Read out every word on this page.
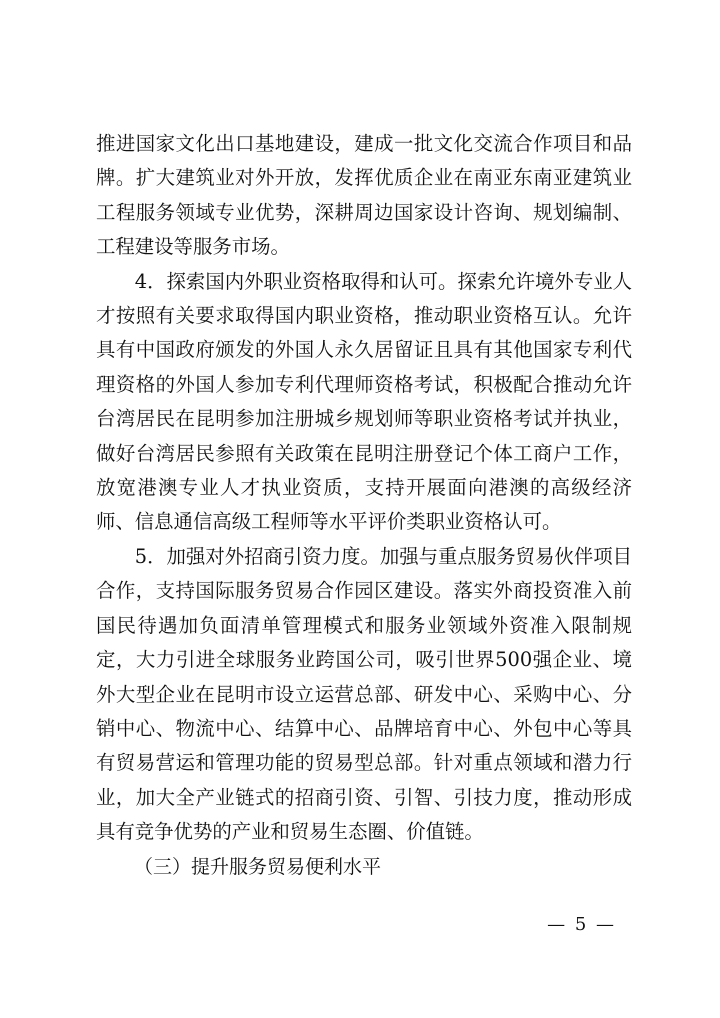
推进国家文化出口基地建设，建成一批文化交流合作项目和品牌。扩大建筑业对外开放，发挥优质企业在南亚东南亚建筑业工程服务领域专业优势，深耕周边国家设计咨询、规划编制、工程建设等服务市场。

4．探索国内外职业资格取得和认可。探索允许境外专业人才按照有关要求取得国内职业资格，推动职业资格互认。允许具有中国政府颁发的外国人永久居留证且具有其他国家专利代理资格的外国人参加专利代理师资格考试，积极配合推动允许台湾居民在昆明参加注册城乡规划师等职业资格考试并执业，做好台湾居民参照有关政策在昆明注册登记个体工商户工作，放宽港澳专业人才执业资质，支持开展面向港澳的高级经济师、信息通信高级工程师等水平评价类职业资格认可。

5．加强对外招商引资力度。加强与重点服务贸易伙伴项目合作，支持国际服务贸易合作园区建设。落实外商投资准入前国民待遇加负面清单管理模式和服务业领域外资准入限制规定，大力引进全球服务业跨国公司，吸引世界500强企业、境外大型企业在昆明市设立运营总部、研发中心、采购中心、分销中心、物流中心、结算中心、品牌培育中心、外包中心等具有贸易营运和管理功能的贸易型总部。针对重点领域和潜力行业，加大全产业链式的招商引资、引智、引技力度，推动形成具有竞争优势的产业和贸易生态圈、价值链。

（三）提升服务贸易便利水平

— 5 —
